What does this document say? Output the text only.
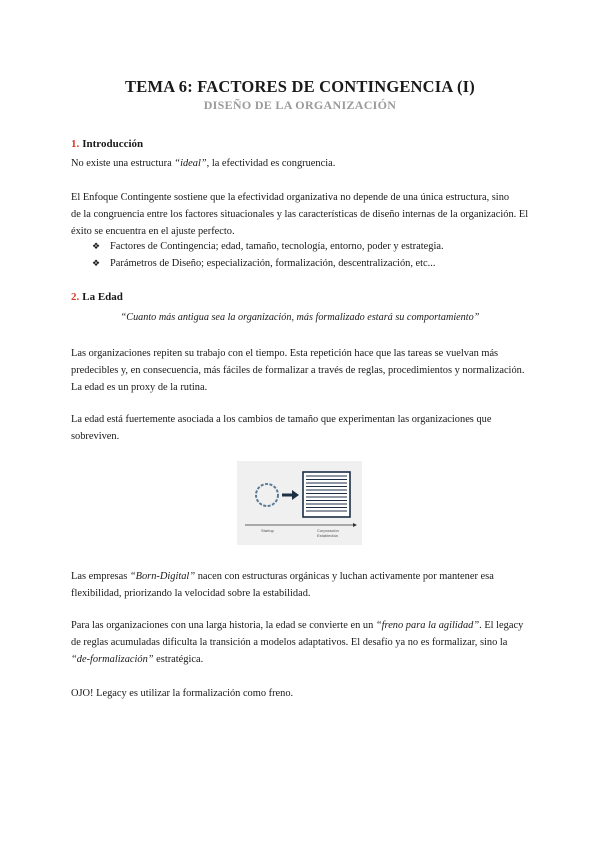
TEMA 6: FACTORES DE CONTINGENCIA (I)
DISEÑO DE LA ORGANIZACIÓN
1. Introducción
No existe una estructura “ideal”, la efectividad es congruencia.
El Enfoque Contingente sostiene que la efectividad organizativa no depende de una única estructura, sino
de la congruencia entre los factores situacionales y las características de diseño internas de la organización. El
éxito se encuentra en el ajuste perfecto.
❖ Factores de Contingencia; edad, tamaño, tecnología, entorno, poder y estrategia.
❖ Parámetros de Diseño; especialización, formalización, descentralización, etc...
2. La Edad
“Cuanto más antigua sea la organización, más formalizado estará su comportamiento”
Las organizaciones repiten su trabajo con el tiempo. Esta repetición hace que las tareas se vuelvan más
predecibles y, en consecuencia, más fáciles de formalizar a través de reglas, procedimientos y normalización.
La edad es un proxy de la rutina.
La edad está fuertemente asociada a los cambios de tamaño que experimentan las organizaciones que
sobreviven.
Startup	Corporación
Establecida
Las empresas “Born-Digital” nacen con estructuras orgánicas y luchan activamente por mantener esa
flexibilidad, priorizando la velocidad sobre la estabilidad.
Para las organizaciones con una larga historia, la edad se convierte en un “freno para la agilidad”. El legacy
de reglas acumuladas dificulta la transición a modelos adaptativos. El desafío ya no es formalizar, sino la
“de-formalización” estratégica.
OJO! Legacy es utilizar la formalización como freno.
